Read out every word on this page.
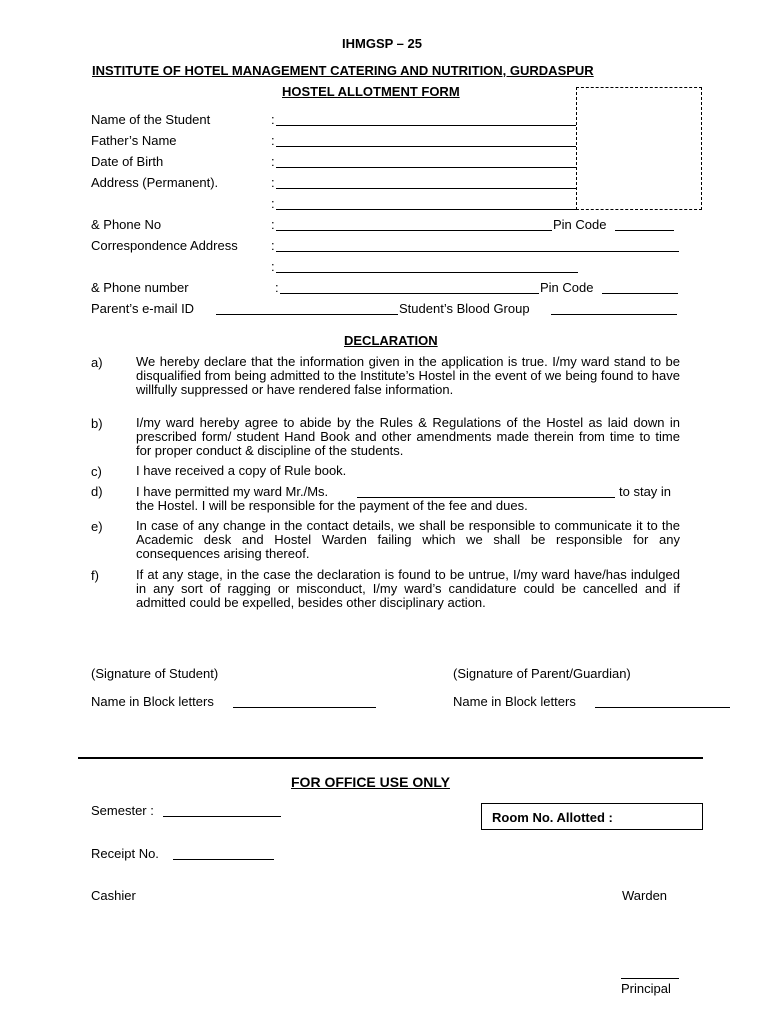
IHMGSP – 25
INSTITUTE OF HOTEL MANAGEMENT CATERING AND NUTRITION, GURDASPUR
HOSTEL ALLOTMENT FORM
Name of the Student	:
Father’s Name	:
Date of Birth	:
Address (Permanent).	:
:
& Phone No	:	Pin Code
Correspondence Address	:
:
& Phone number	:	Pin Code
Parent’s e-mail ID	Student’s Blood Group
DECLARATION
a)	We hereby declare that the information given in the application is true. I/my ward stand to be disqualified from being admitted to the Institute’s Hostel in the event of we being found to have willfully suppressed or have rendered false information.
b)	I/my ward hereby agree to abide by the Rules & Regulations of the Hostel as laid down in prescribed form/ student Hand Book and other amendments made therein from time to time for proper conduct & discipline of the students.
c)	I have received a copy of Rule book.
d)	I have permitted my ward Mr./Ms.	to stay in
the Hostel. I will be responsible for the payment of the fee and dues.
e)	In case of any change in the contact details, we shall be responsible to communicate it to the Academic desk and Hostel Warden failing which we shall be responsible for any consequences arising thereof.
f)	If at any stage, in the case the declaration is found to be untrue, I/my ward have/has indulged in any sort of ragging or misconduct, I/my ward’s candidature could be cancelled and if admitted could be expelled, besides other disciplinary action.
(Signature of Student)	(Signature of Parent/Guardian)
Name in Block letters	Name in Block letters
FOR OFFICE USE ONLY
Semester :	Room No. Allotted :
Receipt No.
Cashier	Warden
Principal
